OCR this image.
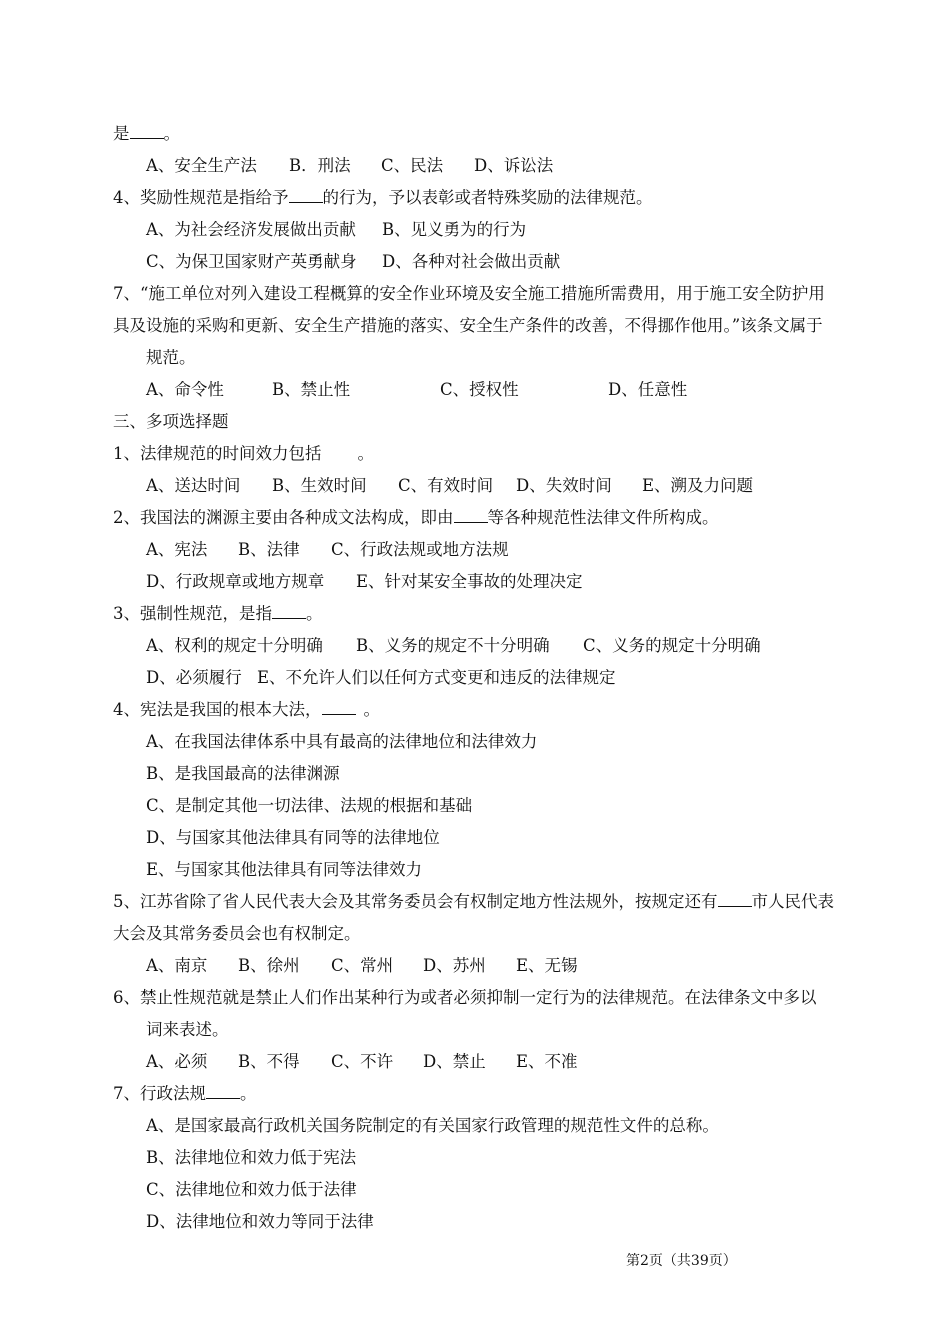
是 。
A、安全生产法 B．刑法 C、民法 D、诉讼法
4、奖励性规范是指给予 的行为，予以表彰或者特殊奖励的法律规范。
A、为社会经济发展做出贡献 B、见义勇为的行为
C、为保卫国家财产英勇献身 D、各种对社会做出贡献
7、“施工单位对列入建设工程概算的安全作业环境及安全施工措施所需费用，用于施工安全防护用
具及设施的采购和更新、安全生产措施的落实、安全生产条件的改善，不得挪作他用。”该条文属于
规范。
A、命令性	B、禁止性	C、授权性	D、任意性
三、多项选择题
1、法律规范的时间效力包括 。
A、送达时间 B、生效时间 C、有效时间 D、失效时间 E、溯及力问题
2、我国法的渊源主要由各种成文法构成，即由 等各种规范性法律文件所构成。
A、宪法 B、法律 C、行政法规或地方法规
D、行政规章或地方规章 E、针对某安全事故的处理决定
3、强制性规范，是指 。
A、权利的规定十分明确 B、义务的规定不十分明确 C、义务的规定十分明确
D、必须履行 E、不允许人们以任何方式变更和违反的法律规定
4、宪法是我国的根本大法，	。
A、在我国法律体系中具有最高的法律地位和法律效力
B、是我国最高的法律渊源
C、是制定其他一切法律、法规的根据和基础
D、与国家其他法律具有同等的法律地位
E、与国家其他法律具有同等法律效力
5、江苏省除了省人民代表大会及其常务委员会有权制定地方性法规外，按规定还有 市人民代表
大会及其常务委员会也有权制定。
A、南京 B、徐州 C、常州 D、苏州 E、无锡
6、禁止性规范就是禁止人们作出某种行为或者必须抑制一定行为的法律规范。在法律条文中多以
词来表述。
A、必须 B、不得 C、不许 D、禁止 E、不准
7、行政法规 。
A、是国家最高行政机关国务院制定的有关国家行政管理的规范性文件的总称。
B、法律地位和效力低于宪法
C、法律地位和效力低于法律
D、法律地位和效力等同于法律
第2页（共39页）
